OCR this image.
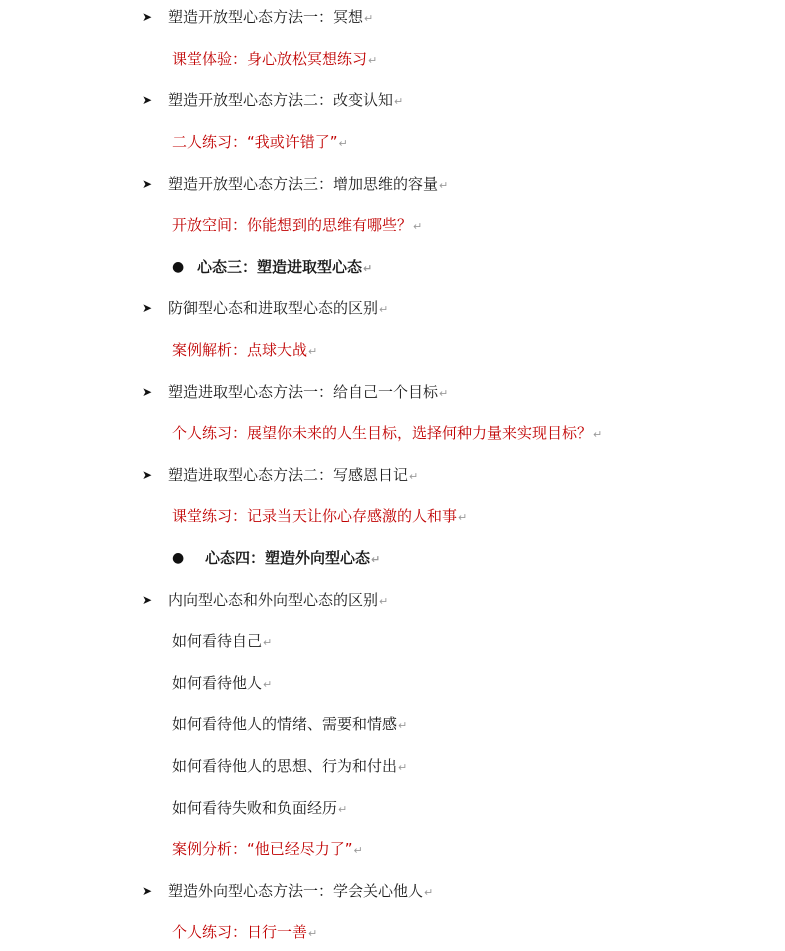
➤ 塑造开放型心态方法一：冥想↵
课堂体验：身心放松冥想练习↵
➤ 塑造开放型心态方法二：改变认知↵
二人练习：“我或许错了”↵
➤ 塑造开放型心态方法三：增加思维的容量↵
开放空间：你能想到的思维有哪些？↵
● 心态三：塑造进取型心态↵
➤ 防御型心态和进取型心态的区别↵
案例解析：点球大战↵
➤ 塑造进取型心态方法一：给自己一个目标↵
个人练习：展望你未来的人生目标，选择何种力量来实现目标？↵
➤ 塑造进取型心态方法二：写感恩日记↵
课堂练习：记录当天让你心存感激的人和事↵
● 心态四：塑造外向型心态↵
➤ 内向型心态和外向型心态的区别↵
如何看待自己↵
如何看待他人↵
如何看待他人的情绪、需要和情感↵
如何看待他人的思想、行为和付出↵
如何看待失败和负面经历↵
案例分析：“他已经尽力了”↵
➤ 塑造外向型心态方法一：学会关心他人↵
个人练习：日行一善↵
